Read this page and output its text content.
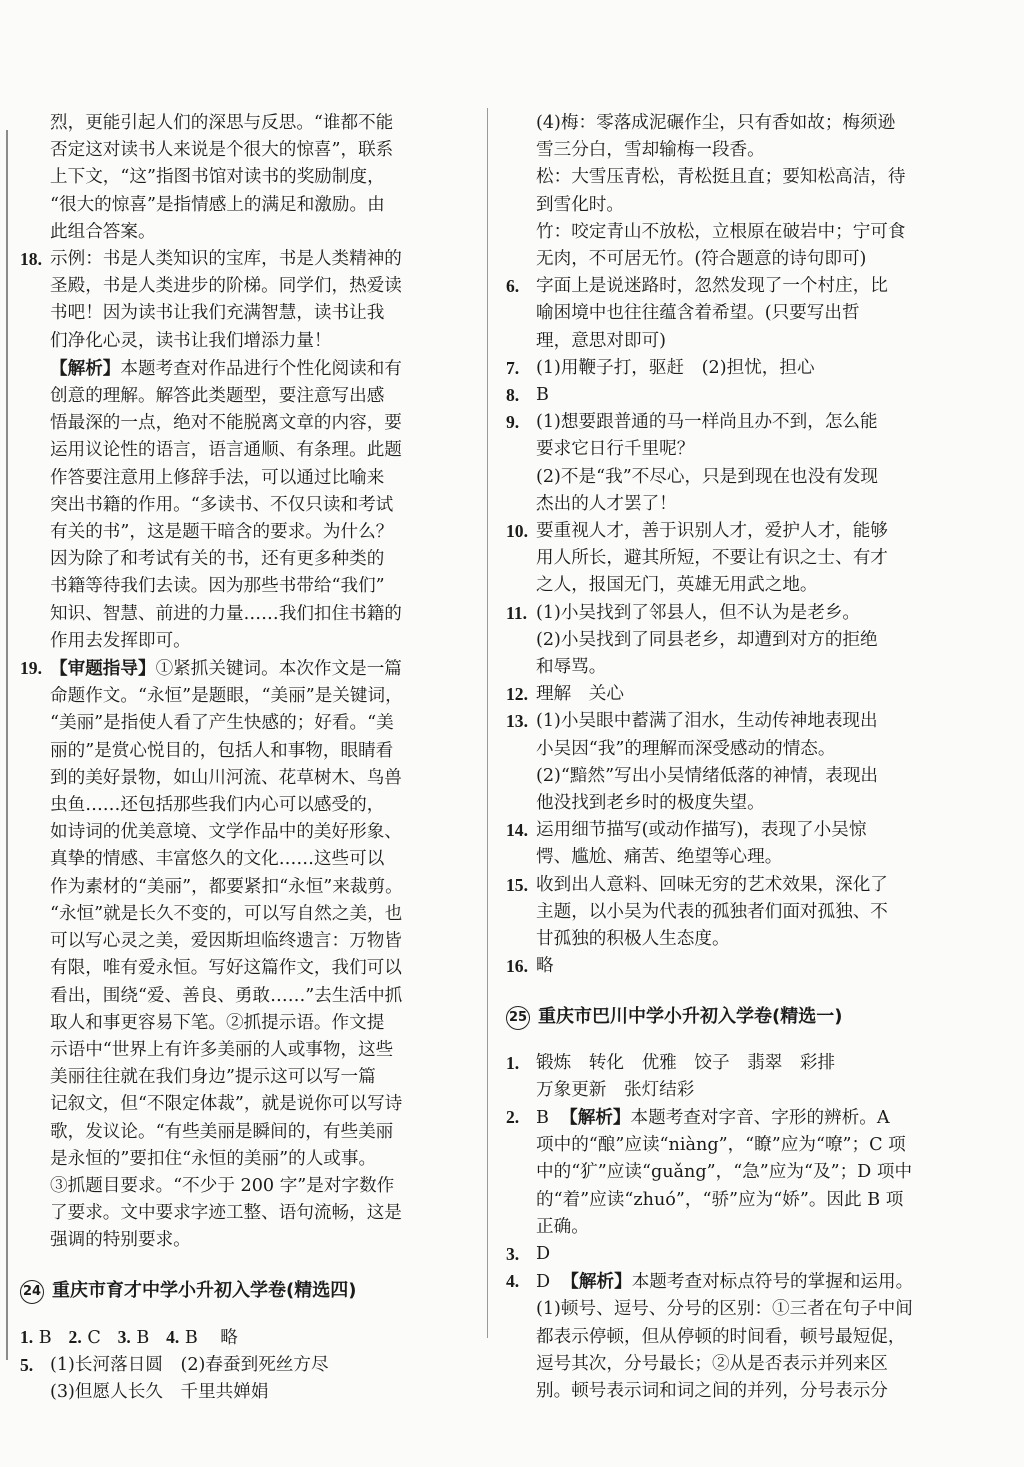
烈，更能引起人们的深思与反思。“谁都不能
否定这对读书人来说是个很大的惊喜”，联系
上下文，“这”指图书馆对读书的奖励制度，
“很大的惊喜”是指情感上的满足和激励。由
此组合答案。
18. 示例：书是人类知识的宝库，书是人类精神的
圣殿，书是人类进步的阶梯。同学们，热爱读
书吧！因为读书让我们充满智慧，读书让我
们净化心灵，读书让我们增添力量！
【解析】本题考查对作品进行个性化阅读和有
创意的理解。解答此类题型，要注意写出感
悟最深的一点，绝对不能脱离文章的内容，要
运用议论性的语言，语言通顺、有条理。此题
作答要注意用上修辞手法，可以通过比喻来
突出书籍的作用。“多读书、不仅只读和考试
有关的书”，这是题干暗含的要求。为什么？
因为除了和考试有关的书，还有更多种类的
书籍等待我们去读。因为那些书带给“我们”
知识、智慧、前进的力量……我们扣住书籍的
作用去发挥即可。
19. 【审题指导】①紧抓关键词。本次作文是一篇
命题作文。“永恒”是题眼，“美丽”是关键词，
“美丽”是指使人看了产生快感的；好看。“美
丽的”是赏心悦目的，包括人和事物，眼睛看
到的美好景物，如山川河流、花草树木、鸟兽
虫鱼……还包括那些我们内心可以感受的，
如诗词的优美意境、文学作品中的美好形象、
真挚的情感、丰富悠久的文化……这些可以
作为素材的“美丽”，都要紧扣“永恒”来裁剪。
“永恒”就是长久不变的，可以写自然之美，也
可以写心灵之美，爱因斯坦临终遗言：万物皆
有限，唯有爱永恒。写好这篇作文，我们可以
看出，围绕“爱、善良、勇敢……”去生活中抓
取人和事更容易下笔。②抓提示语。作文提
示语中“世界上有许多美丽的人或事物，这些
美丽往往就在我们身边”提示这可以写一篇
记叙文，但“不限定体裁”，就是说你可以写诗
歌，发议论。“有些美丽是瞬间的，有些美丽
是永恒的”要扣住“永恒的美丽”的人或事。
③抓题目要求。“不少于 200 字”是对字数作
了要求。文中要求字迹工整、语句流畅，这是
强调的特别要求。
24 重庆市育才中学小升初入学卷(精选四)
1. B 2. C 3. B 4. B 略
5. (1)长河落日圆　(2)春蚕到死丝方尽
(3)但愿人长久　千里共婵娟
(4)梅：零落成泥碾作尘，只有香如故；梅须逊
雪三分白，雪却输梅一段香。
松：大雪压青松，青松挺且直；要知松高洁，待
到雪化时。
竹：咬定青山不放松，立根原在破岩中；宁可食
无肉，不可居无竹。(符合题意的诗句即可)
6. 字面上是说迷路时，忽然发现了一个村庄，比
喻困境中也往往蕴含着希望。(只要写出哲
理，意思对即可)
7. (1)用鞭子打，驱赶　(2)担忧，担心
8. B
9. (1)想要跟普通的马一样尚且办不到，怎么能
要求它日行千里呢？
(2)不是“我”不尽心，只是到现在也没有发现
杰出的人才罢了！
10. 要重视人才，善于识别人才，爱护人才，能够
用人所长，避其所短，不要让有识之士、有才
之人，报国无门，英雄无用武之地。
11. (1)小吴找到了邻县人，但不认为是老乡。
(2)小吴找到了同县老乡，却遭到对方的拒绝
和辱骂。
12. 理解　关心
13. (1)小吴眼中蓄满了泪水，生动传神地表现出
小吴因“我”的理解而深受感动的情态。
(2)“黯然”写出小吴情绪低落的神情，表现出
他没找到老乡时的极度失望。
14. 运用细节描写(或动作描写)，表现了小吴惊
愕、尴尬、痛苦、绝望等心理。
15. 收到出人意料、回味无穷的艺术效果，深化了
主题，以小吴为代表的孤独者们面对孤独、不
甘孤独的积极人生态度。
16. 略
25 重庆市巴川中学小升初入学卷(精选一)
1. 锻炼　转化　优雅　饺子　翡翠　彩排
万象更新　张灯结彩
2. B 【解析】本题考查对字音、字形的辨析。A
项中的“酿”应读“niàng”，“瞭”应为“嘹”；C 项
中的“犷”应读“guǎng”，“急”应为“及”；D 项中
的“着”应读“zhuó”，“骄”应为“娇”。因此 B 项
正确。
3. D
4. D 【解析】本题考查对标点符号的掌握和运用。
(1)顿号、逗号、分号的区别：①三者在句子中间
都表示停顿，但从停顿的时间看，顿号最短促，
逗号其次，分号最长；②从是否表示并列来区
别。顿号表示词和词之间的并列，分号表示分
